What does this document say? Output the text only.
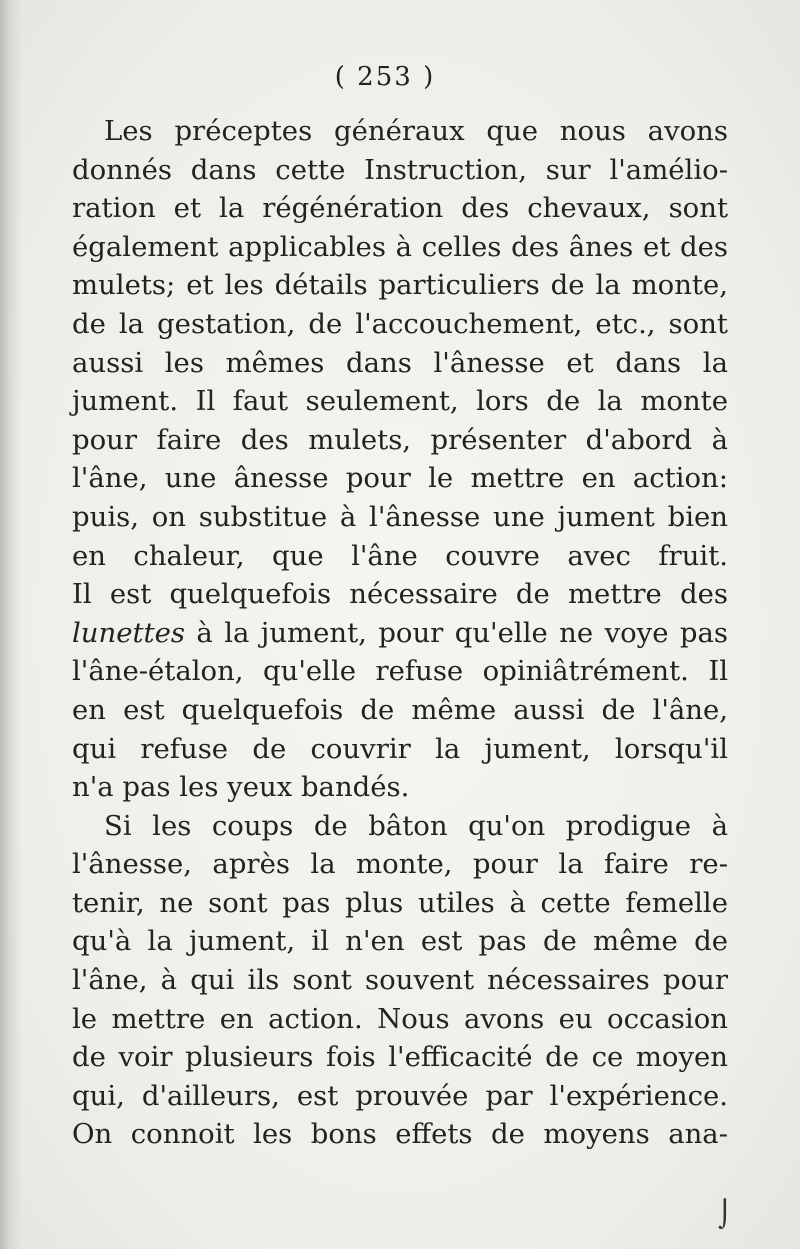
( 253 )
Les préceptes généraux que nous avons
donnés dans cette Instruction, sur l'amélio-
ration et la régénération des chevaux, sont
également applicables à celles des ânes et des
mulets; et les détails particuliers de la monte,
de la gestation, de l'accouchement, etc., sont
aussi les mêmes dans l'ânesse et dans la
jument. Il faut seulement, lors de la monte
pour faire des mulets, présenter d'abord à
l'âne, une ânesse pour le mettre en action:
puis, on substitue à l'ânesse une jument bien
en chaleur, que l'âne couvre avec fruit.
Il est quelquefois nécessaire de mettre des
lunettes à la jument, pour qu'elle ne voye pas
l'âne-étalon, qu'elle refuse opiniâtrément. Il
en est quelquefois de même aussi de l'âne,
qui refuse de couvrir la jument, lorsqu'il
n'a pas les yeux bandés.
Si les coups de bâton qu'on prodigue à
l'ânesse, après la monte, pour la faire re-
tenir, ne sont pas plus utiles à cette femelle
qu'à la jument, il n'en est pas de même de
l'âne, à qui ils sont souvent nécessaires pour
le mettre en action. Nous avons eu occasion
de voir plusieurs fois l'efficacité de ce moyen
qui, d'ailleurs, est prouvée par l'expérience.
On connoit les bons effets de moyens ana-
⌡
